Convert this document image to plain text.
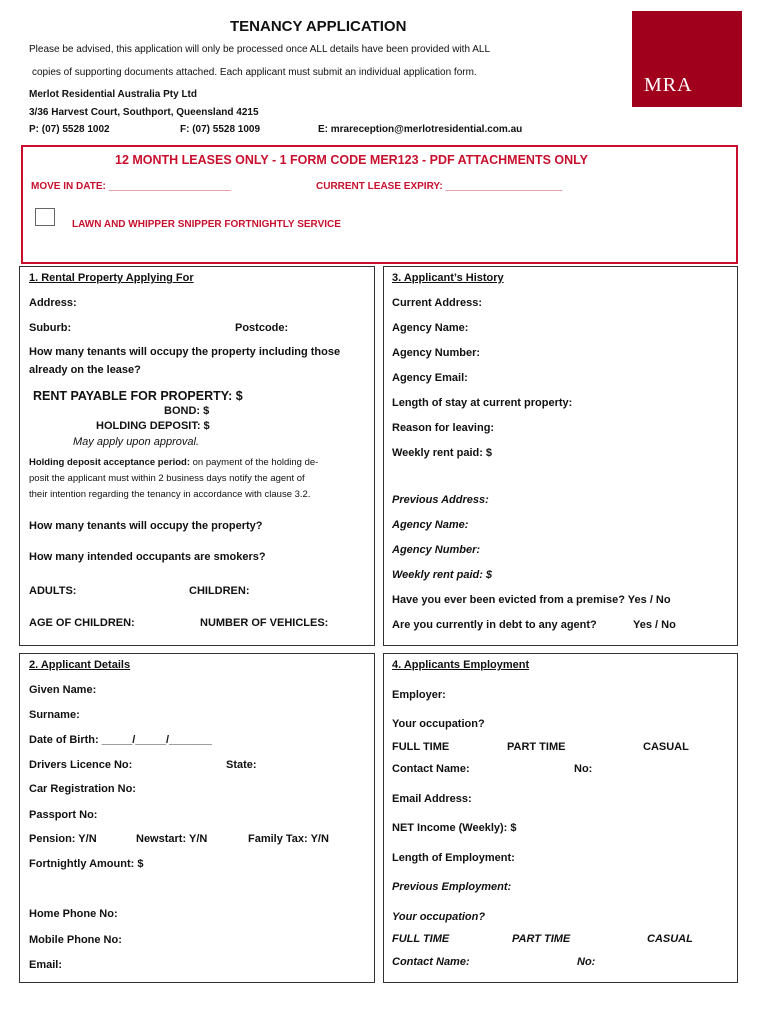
TENANCY APPLICATION
Please be advised, this application will only be processed once ALL details have been provided with ALL
copies of supporting documents attached. Each applicant must submit an individual application form.
Merlot Residential Australia Pty Ltd
3/36 Harvest Court, Southport, Queensland 4215
P: (07) 5528 1002	F: (07) 5528 1009	E: mrareception@merlotresidential.com.au
MRA
12 MONTH LEASES ONLY - 1 FORM CODE MER123 - PDF ATTACHMENTS ONLY
MOVE IN DATE: ______________________	CURRENT LEASE EXPIRY: _____________________
LAWN AND WHIPPER SNIPPER FORTNIGHTLY SERVICE
1. Rental Property Applying For
Address:
Suburb:	Postcode:
How many tenants will occupy the property including those
already on the lease?
RENT PAYABLE FOR PROPERTY: $
BOND: $
HOLDING DEPOSIT: $
May apply upon approval.
Holding deposit acceptance period: on payment of the holding de-
posit the applicant must within 2 business days notify the agent of
their intention regarding the tenancy in accordance with clause 3.2.
How many tenants will occupy the property?
How many intended occupants are smokers?
ADULTS:	CHILDREN:
AGE OF CHILDREN:	NUMBER OF VEHICLES:
3. Applicant’s History
Current Address:
Agency Name:
Agency Number:
Agency Email:
Length of stay at current property:
Reason for leaving:
Weekly rent paid: $
Previous Address:
Agency Name:
Agency Number:
Weekly rent paid: $
Have you ever been evicted from a premise? Yes / No
Are you currently in debt to any agent?	Yes / No
2. Applicant Details
Given Name:
Surname:
Date of Birth: _____/_____/_______
Drivers Licence No:	State:
Car Registration No:
Passport No:
Pension: Y/N	Newstart: Y/N	Family Tax: Y/N
Fortnightly Amount: $
Home Phone No:
Mobile Phone No:
Email:
4. Applicants Employment
Employer:
Your occupation?
FULL TIME	PART TIME	CASUAL
Contact Name:	No:
Email Address:
NET Income (Weekly): $
Length of Employment:
Previous Employment:
Your occupation?
FULL TIME	PART TIME	CASUAL
Contact Name:	No:
